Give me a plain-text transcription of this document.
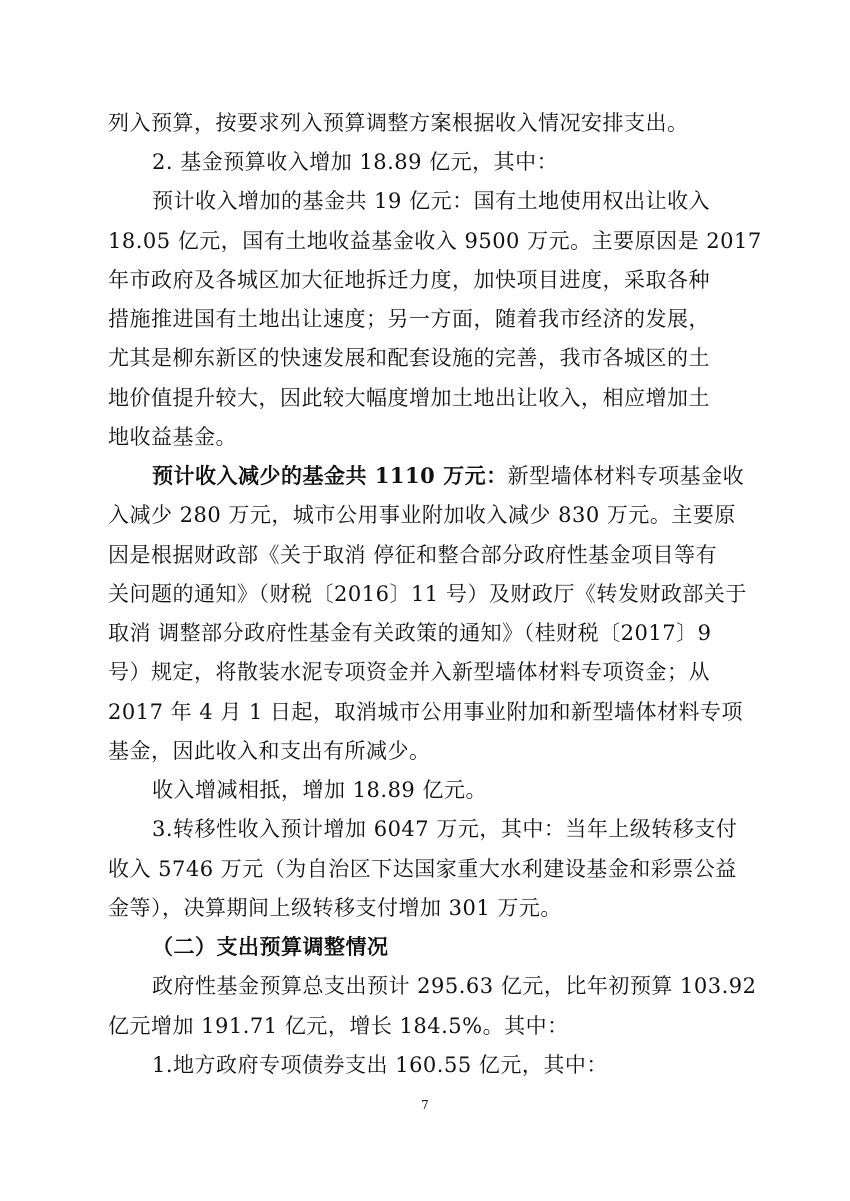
列入预算，按要求列入预算调整方案根据收入情况安排支出。
2. 基金预算收入增加 18.89 亿元，其中：
预计收入增加的基金共 19 亿元：国有土地使用权出让收入
18.05 亿元，国有土地收益基金收入 9500 万元。主要原因是 2017
年市政府及各城区加大征地拆迁力度，加快项目进度，采取各种
措施推进国有土地出让速度；另一方面，随着我市经济的发展，
尤其是柳东新区的快速发展和配套设施的完善，我市各城区的土
地价值提升较大，因此较大幅度增加土地出让收入，相应增加土
地收益基金。
预计收入减少的基金共 1110 万元：新型墙体材料专项基金收
入减少 280 万元，城市公用事业附加收入减少 830 万元。主要原
因是根据财政部《关于取消 停征和整合部分政府性基金项目等有
关问题的通知》（财税〔2016〕11 号）及财政厅《转发财政部关于
取消 调整部分政府性基金有关政策的通知》（桂财税〔2017〕9
号）规定，将散装水泥专项资金并入新型墙体材料专项资金；从
2017 年 4 月 1 日起，取消城市公用事业附加和新型墙体材料专项
基金，因此收入和支出有所减少。
收入增减相抵，增加 18.89 亿元。
3.转移性收入预计增加 6047 万元，其中：当年上级转移支付
收入 5746 万元（为自治区下达国家重大水利建设基金和彩票公益
金等），决算期间上级转移支付增加 301 万元。
（二）支出预算调整情况
政府性基金预算总支出预计 295.63 亿元，比年初预算 103.92
亿元增加 191.71 亿元，增长 184.5%。其中：
1.地方政府专项债券支出 160.55 亿元，其中：
7
